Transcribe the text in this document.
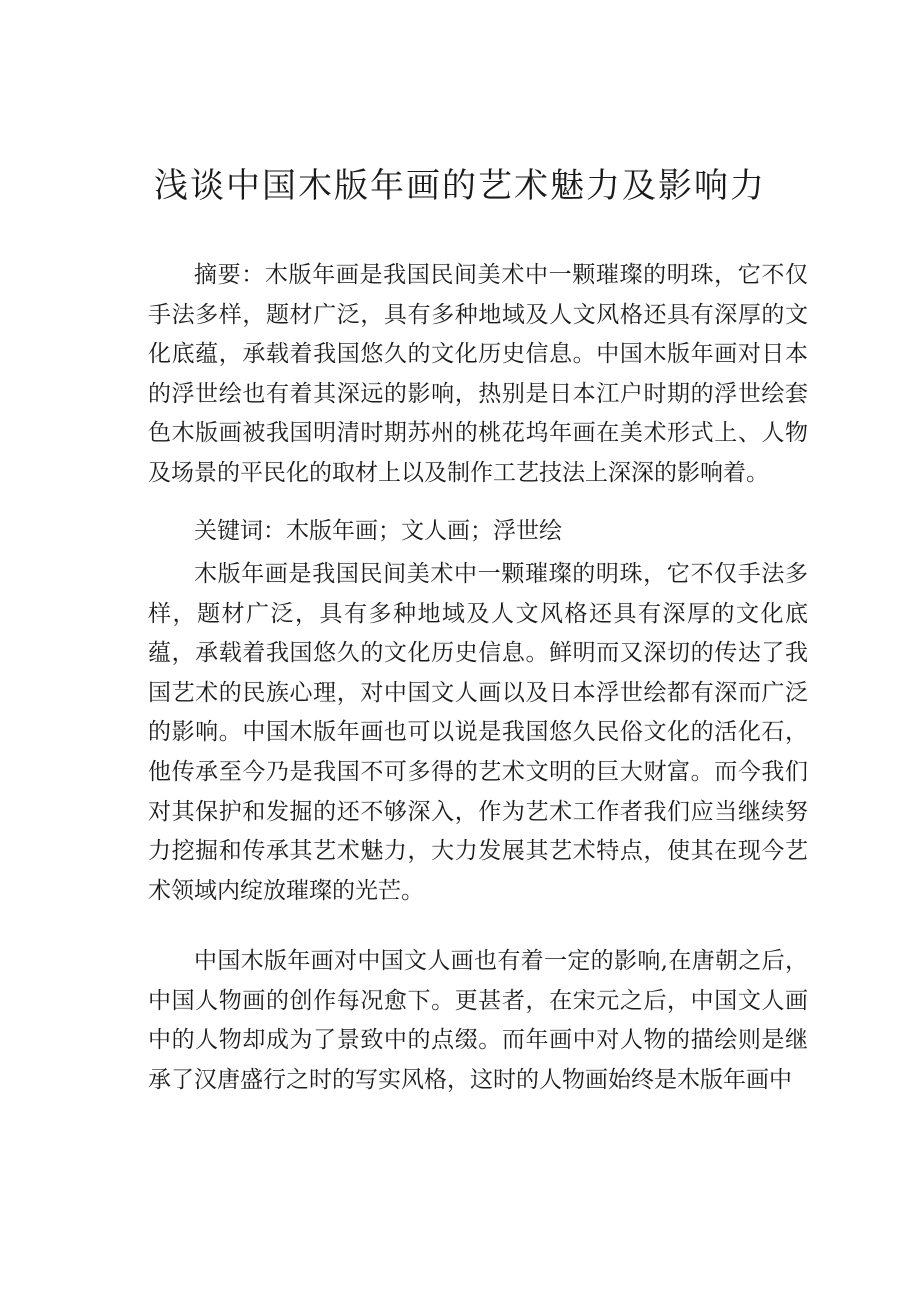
浅谈中国木版年画的艺术魅力及影响力

摘要：木版年画是我国民间美术中一颗璀璨的明珠，它不仅手法多样，题材广泛，具有多种地域及人文风格还具有深厚的文化底蕴，承载着我国悠久的文化历史信息。中国木版年画对日本的浮世绘也有着其深远的影响，热别是日本江户时期的浮世绘套色木版画被我国明清时期苏州的桃花坞年画在美术形式上、人物及场景的平民化的取材上以及制作工艺技法上深深的影响着。

关键词：木版年画；文人画；浮世绘

木版年画是我国民间美术中一颗璀璨的明珠，它不仅手法多样，题材广泛，具有多种地域及人文风格还具有深厚的文化底蕴，承载着我国悠久的文化历史信息。鲜明而又深切的传达了我国艺术的民族心理，对中国文人画以及日本浮世绘都有深而广泛的影响。中国木版年画也可以说是我国悠久民俗文化的活化石，他传承至今乃是我国不可多得的艺术文明的巨大财富。而今我们对其保护和发掘的还不够深入，作为艺术工作者我们应当继续努力挖掘和传承其艺术魅力，大力发展其艺术特点，使其在现今艺术领域内绽放璀璨的光芒。

中国木版年画对中国文人画也有着一定的影响,在唐朝之后，中国人物画的创作每况愈下。更甚者，在宋元之后，中国文人画中的人物却成为了景致中的点缀。而年画中对人物的描绘则是继承了汉唐盛行之时的写实风格，这时的人物画始终是木版年画中
